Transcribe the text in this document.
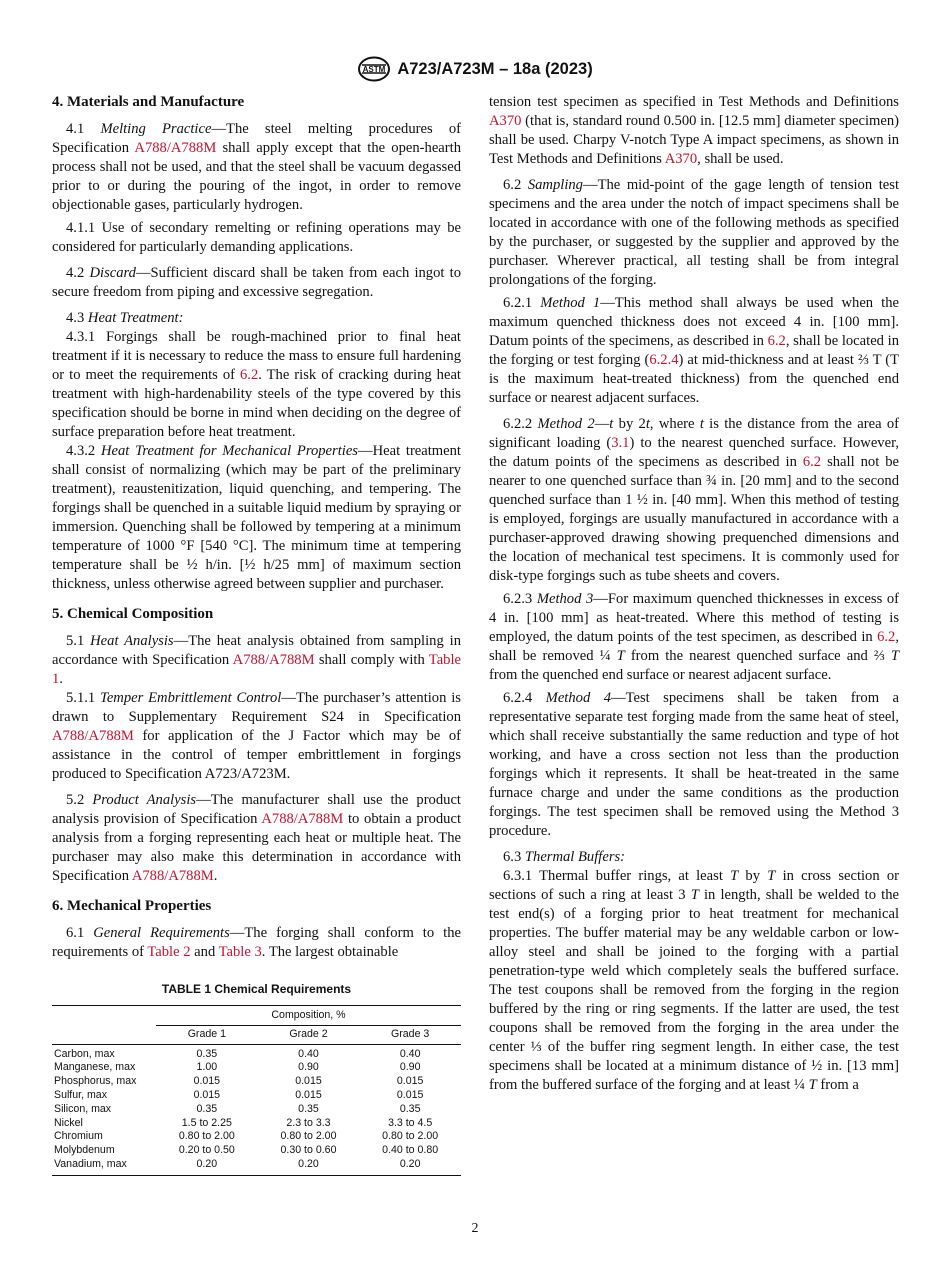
ASTM A723/A723M – 18a (2023)
4. Materials and Manufacture

4.1 Melting Practice—The steel melting procedures of Specification A788/A788M shall apply except that the open-hearth process shall not be used, and that the steel shall be vacuum degassed prior to or during the pouring of the ingot, in order to remove objectionable gases, particularly hydrogen.

4.1.1 Use of secondary remelting or refining operations may be considered for particularly demanding applications.

4.2 Discard—Sufficient discard shall be taken from each ingot to secure freedom from piping and excessive segregation.

4.3 Heat Treatment:

4.3.1 Forgings shall be rough-machined prior to final heat treatment if it is necessary to reduce the mass to ensure full hardening or to meet the requirements of 6.2. The risk of cracking during heat treatment with high-hardenability steels of the type covered by this specification should be borne in mind when deciding on the degree of surface preparation before heat treatment.

4.3.2 Heat Treatment for Mechanical Properties—Heat treatment shall consist of normalizing (which may be part of the preliminary treatment), reaustenitization, liquid quenching, and tempering. The forgings shall be quenched in a suitable liquid medium by spraying or immersion. Quenching shall be followed by tempering at a minimum temperature of 1000 °F [540 °C]. The minimum time at tempering temperature shall be ½ h/in. [½ h/25 mm] of maximum section thickness, unless otherwise agreed between supplier and purchaser.

5. Chemical Composition

5.1 Heat Analysis—The heat analysis obtained from sampling in accordance with Specification A788/A788M shall comply with Table 1.

5.1.1 Temper Embrittlement Control—The purchaser’s attention is drawn to Supplementary Requirement S24 in Specification A788/A788M for application of the J Factor which may be of assistance in the control of temper embrittlement in forgings produced to Specification A723/A723M.

5.2 Product Analysis—The manufacturer shall use the product analysis provision of Specification A788/A788M to obtain a product analysis from a forging representing each heat or multiple heat. The purchaser may also make this determination in accordance with Specification A788/A788M.

6. Mechanical Properties

6.1 General Requirements—The forging shall conform to the requirements of Table 2 and Table 3. The largest obtainable

TABLE 1 Chemical Requirements
	Composition, %		
	Grade 1	Grade 2	Grade 3
Carbon, max	0.35	0.40	0.40
Manganese, max	1.00	0.90	0.90
Phosphorus, max	0.015	0.015	0.015
Sulfur, max	0.015	0.015	0.015
Silicon, max	0.35	0.35	0.35
Nickel	1.5 to 2.25	2.3 to 3.3	3.3 to 4.5
Chromium	0.80 to 2.00	0.80 to 2.00	0.80 to 2.00
Molybdenum	0.20 to 0.50	0.30 to 0.60	0.40 to 0.80
Vanadium, max	0.20	0.20	0.20

tension test specimen as specified in Test Methods and Definitions A370 (that is, standard round 0.500 in. [12.5 mm] diameter specimen) shall be used. Charpy V-notch Type A impact specimens, as shown in Test Methods and Definitions A370, shall be used.

6.2 Sampling—The mid-point of the gage length of tension test specimens and the area under the notch of impact specimens shall be located in accordance with one of the following methods as specified by the purchaser, or suggested by the supplier and approved by the purchaser. Wherever practical, all testing shall be from integral prolongations of the forging.

6.2.1 Method 1—This method shall always be used when the maximum quenched thickness does not exceed 4 in. [100 mm]. Datum points of the specimens, as described in 6.2, shall be located in the forging or test forging (6.2.4) at mid-thickness and at least ⅔ T (T is the maximum heat-treated thickness) from the quenched end surface or nearest adjacent surfaces.

6.2.2 Method 2—t by 2t, where t is the distance from the area of significant loading (3.1) to the nearest quenched surface. However, the datum points of the specimens as described in 6.2 shall not be nearer to one quenched surface than ¾ in. [20 mm] and to the second quenched surface than 1 ½ in. [40 mm]. When this method of testing is employed, forgings are usually manufactured in accordance with a purchaser-approved drawing showing prequenched dimensions and the location of mechanical test specimens. It is commonly used for disk-type forgings such as tube sheets and covers.

6.2.3 Method 3—For maximum quenched thicknesses in excess of 4 in. [100 mm] as heat-treated. Where this method of testing is employed, the datum points of the test specimen, as described in 6.2, shall be removed ¼ T from the nearest quenched surface and ⅔ T from the quenched end surface or nearest adjacent surface.

6.2.4 Method 4—Test specimens shall be taken from a representative separate test forging made from the same heat of steel, which shall receive substantially the same reduction and type of hot working, and have a cross section not less than the production forgings which it represents. It shall be heat-treated in the same furnace charge and under the same conditions as the production forgings. The test specimen shall be removed using the Method 3 procedure.

6.3 Thermal Buffers:

6.3.1 Thermal buffer rings, at least T by T in cross section or sections of such a ring at least 3 T in length, shall be welded to the test end(s) of a forging prior to heat treatment for mechanical properties. The buffer material may be any weldable carbon or low-alloy steel and shall be joined to the forging with a partial penetration-type weld which completely seals the buffered surface. The test coupons shall be removed from the forging in the region buffered by the ring or ring segments. If the latter are used, the test coupons shall be removed from the forging in the area under the center ⅓ of the buffer ring segment length. In either case, the test specimens shall be located at a minimum distance of ½ in. [13 mm] from the buffered surface of the forging and at least ¼ T from a

2
